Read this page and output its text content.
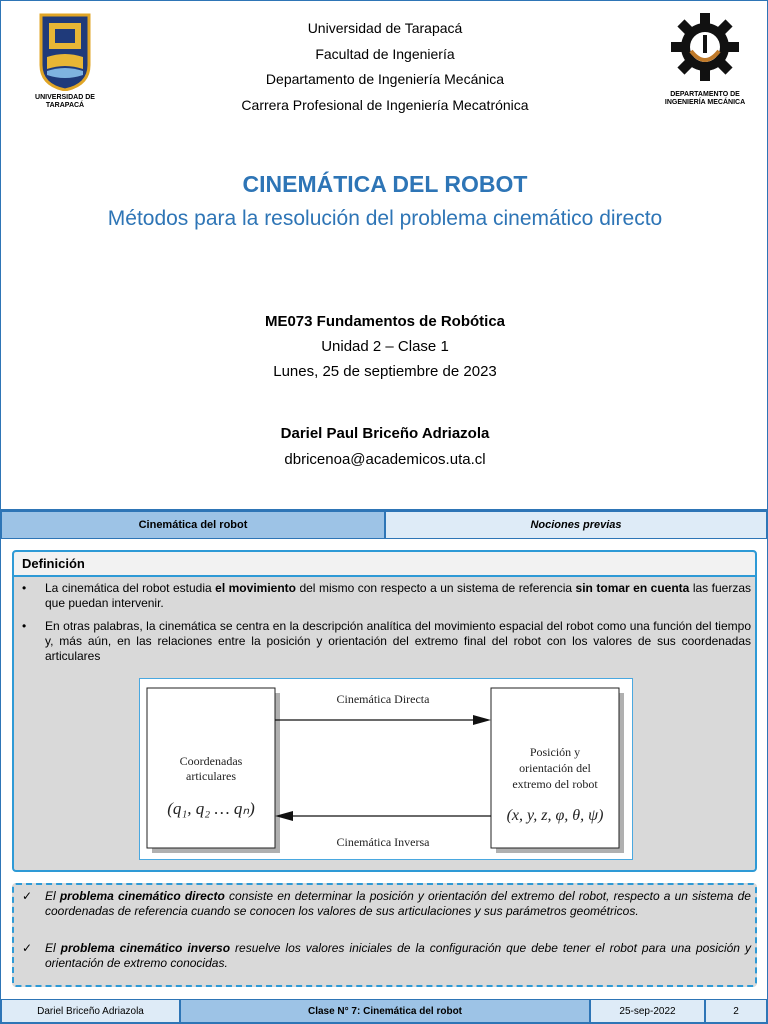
UNIVERSIDAD DE TARAPACÁ
Universidad de Tarapacá
Facultad de Ingeniería
Departamento de Ingeniería Mecánica
Carrera Profesional de Ingeniería Mecatrónica
DEPARTAMENTO DE INGENIERÍA MECÁNICA
CINEMÁTICA DEL ROBOT
Métodos para la resolución del problema cinemático directo
ME073 Fundamentos de Robótica
Unidad 2 – Clase 1
Lunes, 25 de septiembre de 2023
Dariel Paul Briceño Adriazola
dbricenoa@academicos.uta.cl
Cinemática del robot	Nociones previas
Definición
• La cinemática del robot estudia el movimiento del mismo con respecto a un sistema de referencia sin tomar en cuenta las fuerzas que puedan intervenir.
• En otras palabras, la cinemática se centra en la descripción analítica del movimiento espacial del robot como una función del tiempo y, más aún, en las relaciones entre la posición y orientación del extremo final del robot con los valores de sus coordenadas articulares
Cinemática Directa
Cinemática Inversa
Coordenadas
articulares
(q₁, q₂ … qₙ)
Posición y
orientación del
extremo del robot
(x, y, z, φ, θ, ψ)
✓ El problema cinemático directo consiste en determinar la posición y orientación del extremo del robot, respecto a un sistema de coordenadas de referencia cuando se conocen los valores de sus articulaciones y sus parámetros geométricos.
✓ El problema cinemático inverso resuelve los valores iniciales de la configuración que debe tener el robot para una posición y orientación de extremo conocidas.
Dariel Briceño Adriazola	Clase N° 7: Cinemática del robot	25-sep-2022	2
